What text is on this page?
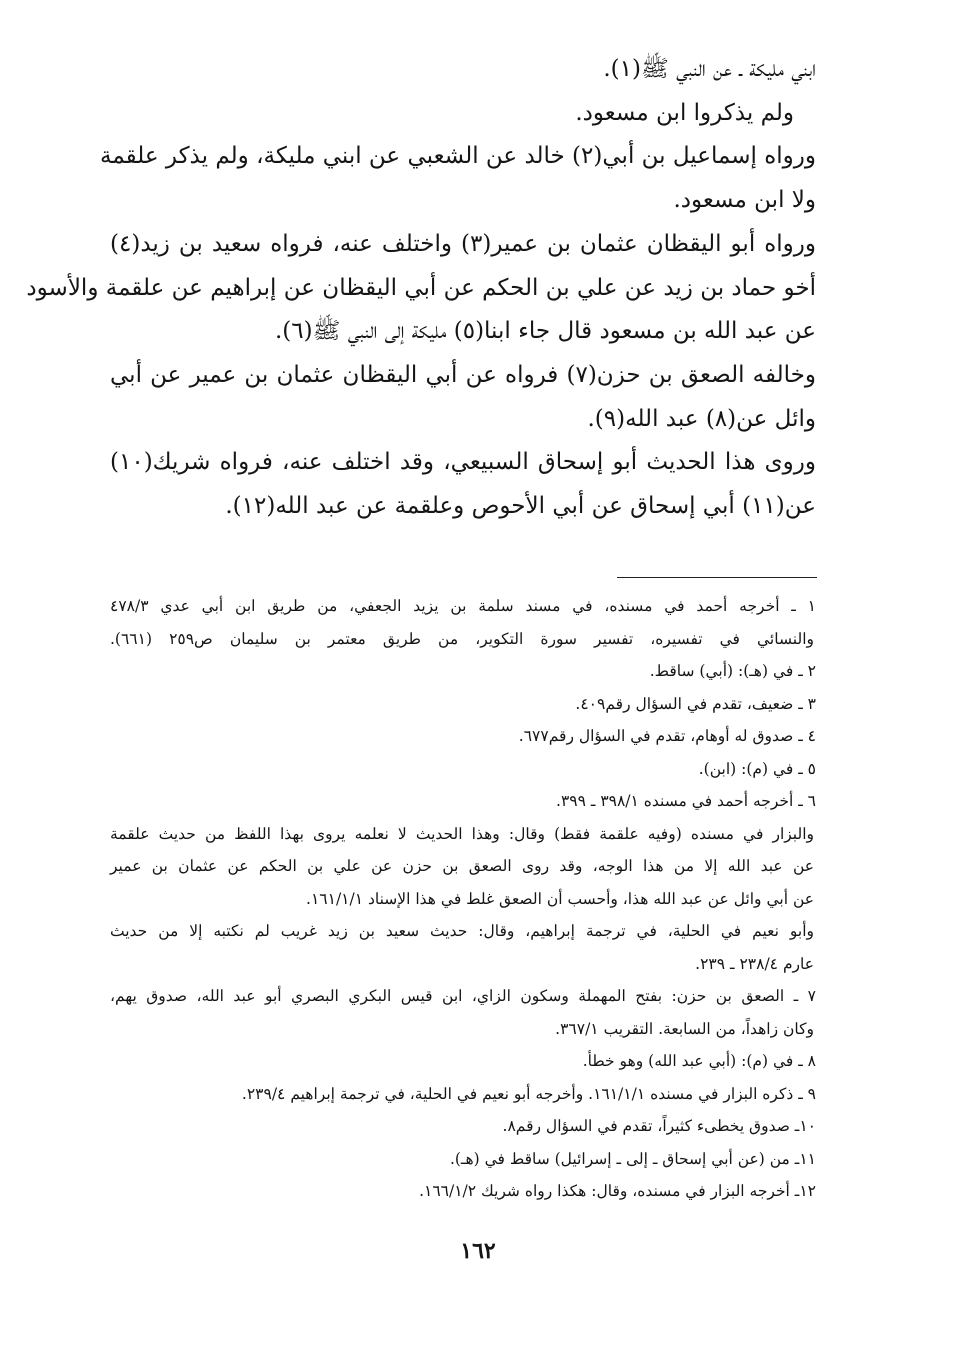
ابني مليكة ـ عن النبي ﷺ(١).

ولم يذكروا ابن مسعود.

ورواه إسماعيل بن أبي(٢) خالد عن الشعبي عن ابني مليكة، ولم يذكر علقمة

ولا ابن مسعود.

ورواه أبو اليقظان عثمان بن عمير(٣) واختلف عنه، فرواه سعيد بن زيد(٤)

أخو حماد بن زيد عن علي بن الحكم عن أبي اليقظان عن إبراهيم عن علقمة والأسود

عن عبد الله بن مسعود قال جاء ابنا(٥) مليكة إلى النبي ﷺ(٦).

وخالفه الصعق بن حزن(٧) فرواه عن أبي اليقظان عثمان بن عمير عن أبي

وائل عن(٨) عبد الله(٩).

وروى هذا الحديث أبو إسحاق السبيعي، وقد اختلف عنه، فرواه شريك(١٠)

عن(١١) أبي إسحاق عن أبي الأحوص وعلقمة عن عبد الله(١٢).

١ ـ أخرجه أحمد في مسنده، في مسند سلمة بن يزيد الجعفي، من طريق ابن أبي عدي ٤٧٨/٣

والنسائي في تفسيره، تفسير سورة التكوير، من طريق معتمر بن سليمان ص٢٥٩ (٦٦١).

٢ ـ في (هـ): (أبي) ساقط.

٣ ـ ضعيف، تقدم في السؤال رقم٤٠٩.

٤ ـ صدوق له أوهام، تقدم في السؤال رقم٦٧٧.

٥ ـ في (م): (ابن).

٦ ـ أخرجه أحمد في مسنده ٣٩٨/١ ـ ٣٩٩.

والبزار في مسنده (وفيه علقمة فقط) وقال: وهذا الحديث لا نعلمه يروى بهذا اللفظ من حديث علقمة

عن عبد الله إلا من هذا الوجه، وقد روى الصعق بن حزن عن علي بن الحكم عن عثمان بن عمير

عن أبي وائل عن عبد الله هذا، وأحسب أن الصعق غلط في هذا الإسناد ١٦١/١/١.

وأبو نعيم في الحلية، في ترجمة إبراهيم، وقال: حديث سعيد بن زيد غريب لم نكتبه إلا من حديث

عارم ٢٣٨/٤ ـ ٢٣٩.

٧ ـ الصعق بن حزن: بفتح المهملة وسكون الزاي، ابن قيس البكري البصري أبو عبد الله، صدوق يهم،

وكان زاهداً، من السابعة. التقريب ٣٦٧/١.

٨ ـ في (م): (أبي عبد الله) وهو خطأ.

٩ ـ ذكره البزار في مسنده ١٦١/١/١. وأخرجه أبو نعيم في الحلية، في ترجمة إبراهيم ٢٣٩/٤.

١٠ـ صدوق يخطىء كثيراً، تقدم في السؤال رقم٨.

١١ـ من (عن أبي إسحاق ـ إلى ـ إسرائيل) ساقط في (هـ).

١٢ـ أخرجه البزار في مسنده، وقال: هكذا رواه شريك ١٦٦/١/٢.

١٦٢
